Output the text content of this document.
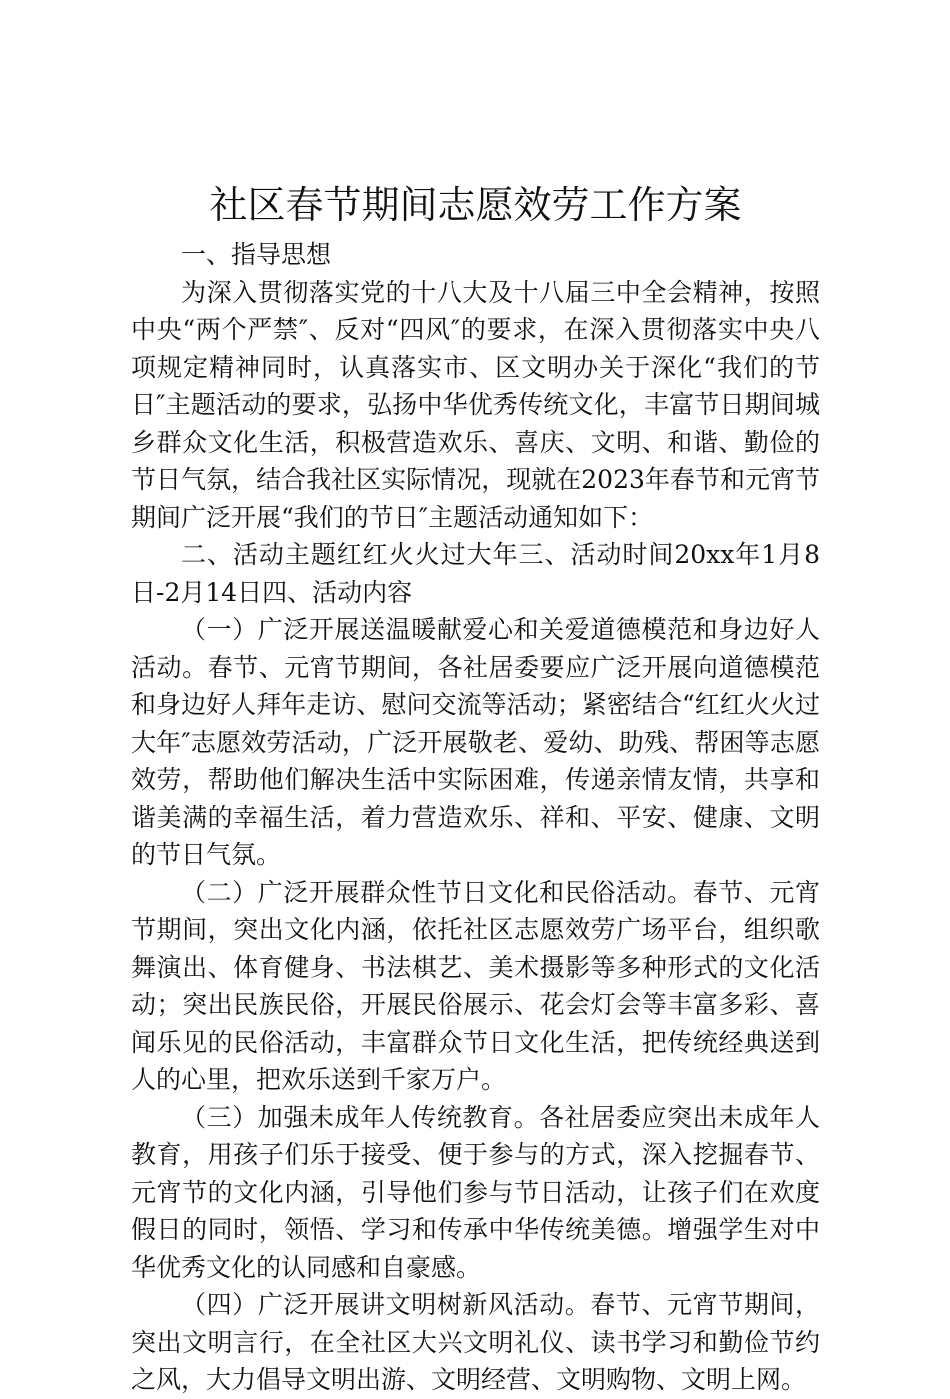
社区春节期间志愿效劳工作方案

一、指导思想

为深入贯彻落实党的十八大及十八届三中全会精神，按照中央“两个严禁″、反对“四风″的要求，在深入贯彻落实中央八项规定精神同时，认真落实市、区文明办关于深化“我们的节日″主题活动的要求，弘扬中华优秀传统文化，丰富节日期间城乡群众文化生活，积极营造欢乐、喜庆、文明、和谐、勤俭的节日气氛，结合我社区实际情况，现就在2023年春节和元宵节期间广泛开展“我们的节日″主题活动通知如下：

二、活动主题红红火火过大年三、活动时间20xx年1月8日-2月14日四、活动内容

（一）广泛开展送温暖献爱心和关爱道德模范和身边好人活动。春节、元宵节期间，各社居委要应广泛开展向道德模范和身边好人拜年走访、慰问交流等活动；紧密结合“红红火火过大年″志愿效劳活动，广泛开展敬老、爱幼、助残、帮困等志愿效劳，帮助他们解决生活中实际困难，传递亲情友情，共享和谐美满的幸福生活，着力营造欢乐、祥和、平安、健康、文明的节日气氛。

（二）广泛开展群众性节日文化和民俗活动。春节、元宵节期间，突出文化内涵，依托社区志愿效劳广场平台，组织歌舞演出、体育健身、书法棋艺、美术摄影等多种形式的文化活动；突出民族民俗，开展民俗展示、花会灯会等丰富多彩、喜闻乐见的民俗活动，丰富群众节日文化生活，把传统经典送到人的心里，把欢乐送到千家万户。

（三）加强未成年人传统教育。各社居委应突出未成年人教育，用孩子们乐于接受、便于参与的方式，深入挖掘春节、元宵节的文化内涵，引导他们参与节日活动，让孩子们在欢度假日的同时，领悟、学习和传承中华传统美德。增强学生对中华优秀文化的认同感和自豪感。

（四）广泛开展讲文明树新风活动。春节、元宵节期间，突出文明言行，在全社区大兴文明礼仪、读书学习和勤俭节约之风，大力倡导文明出游、文明经营、文明购物、文明上网。
